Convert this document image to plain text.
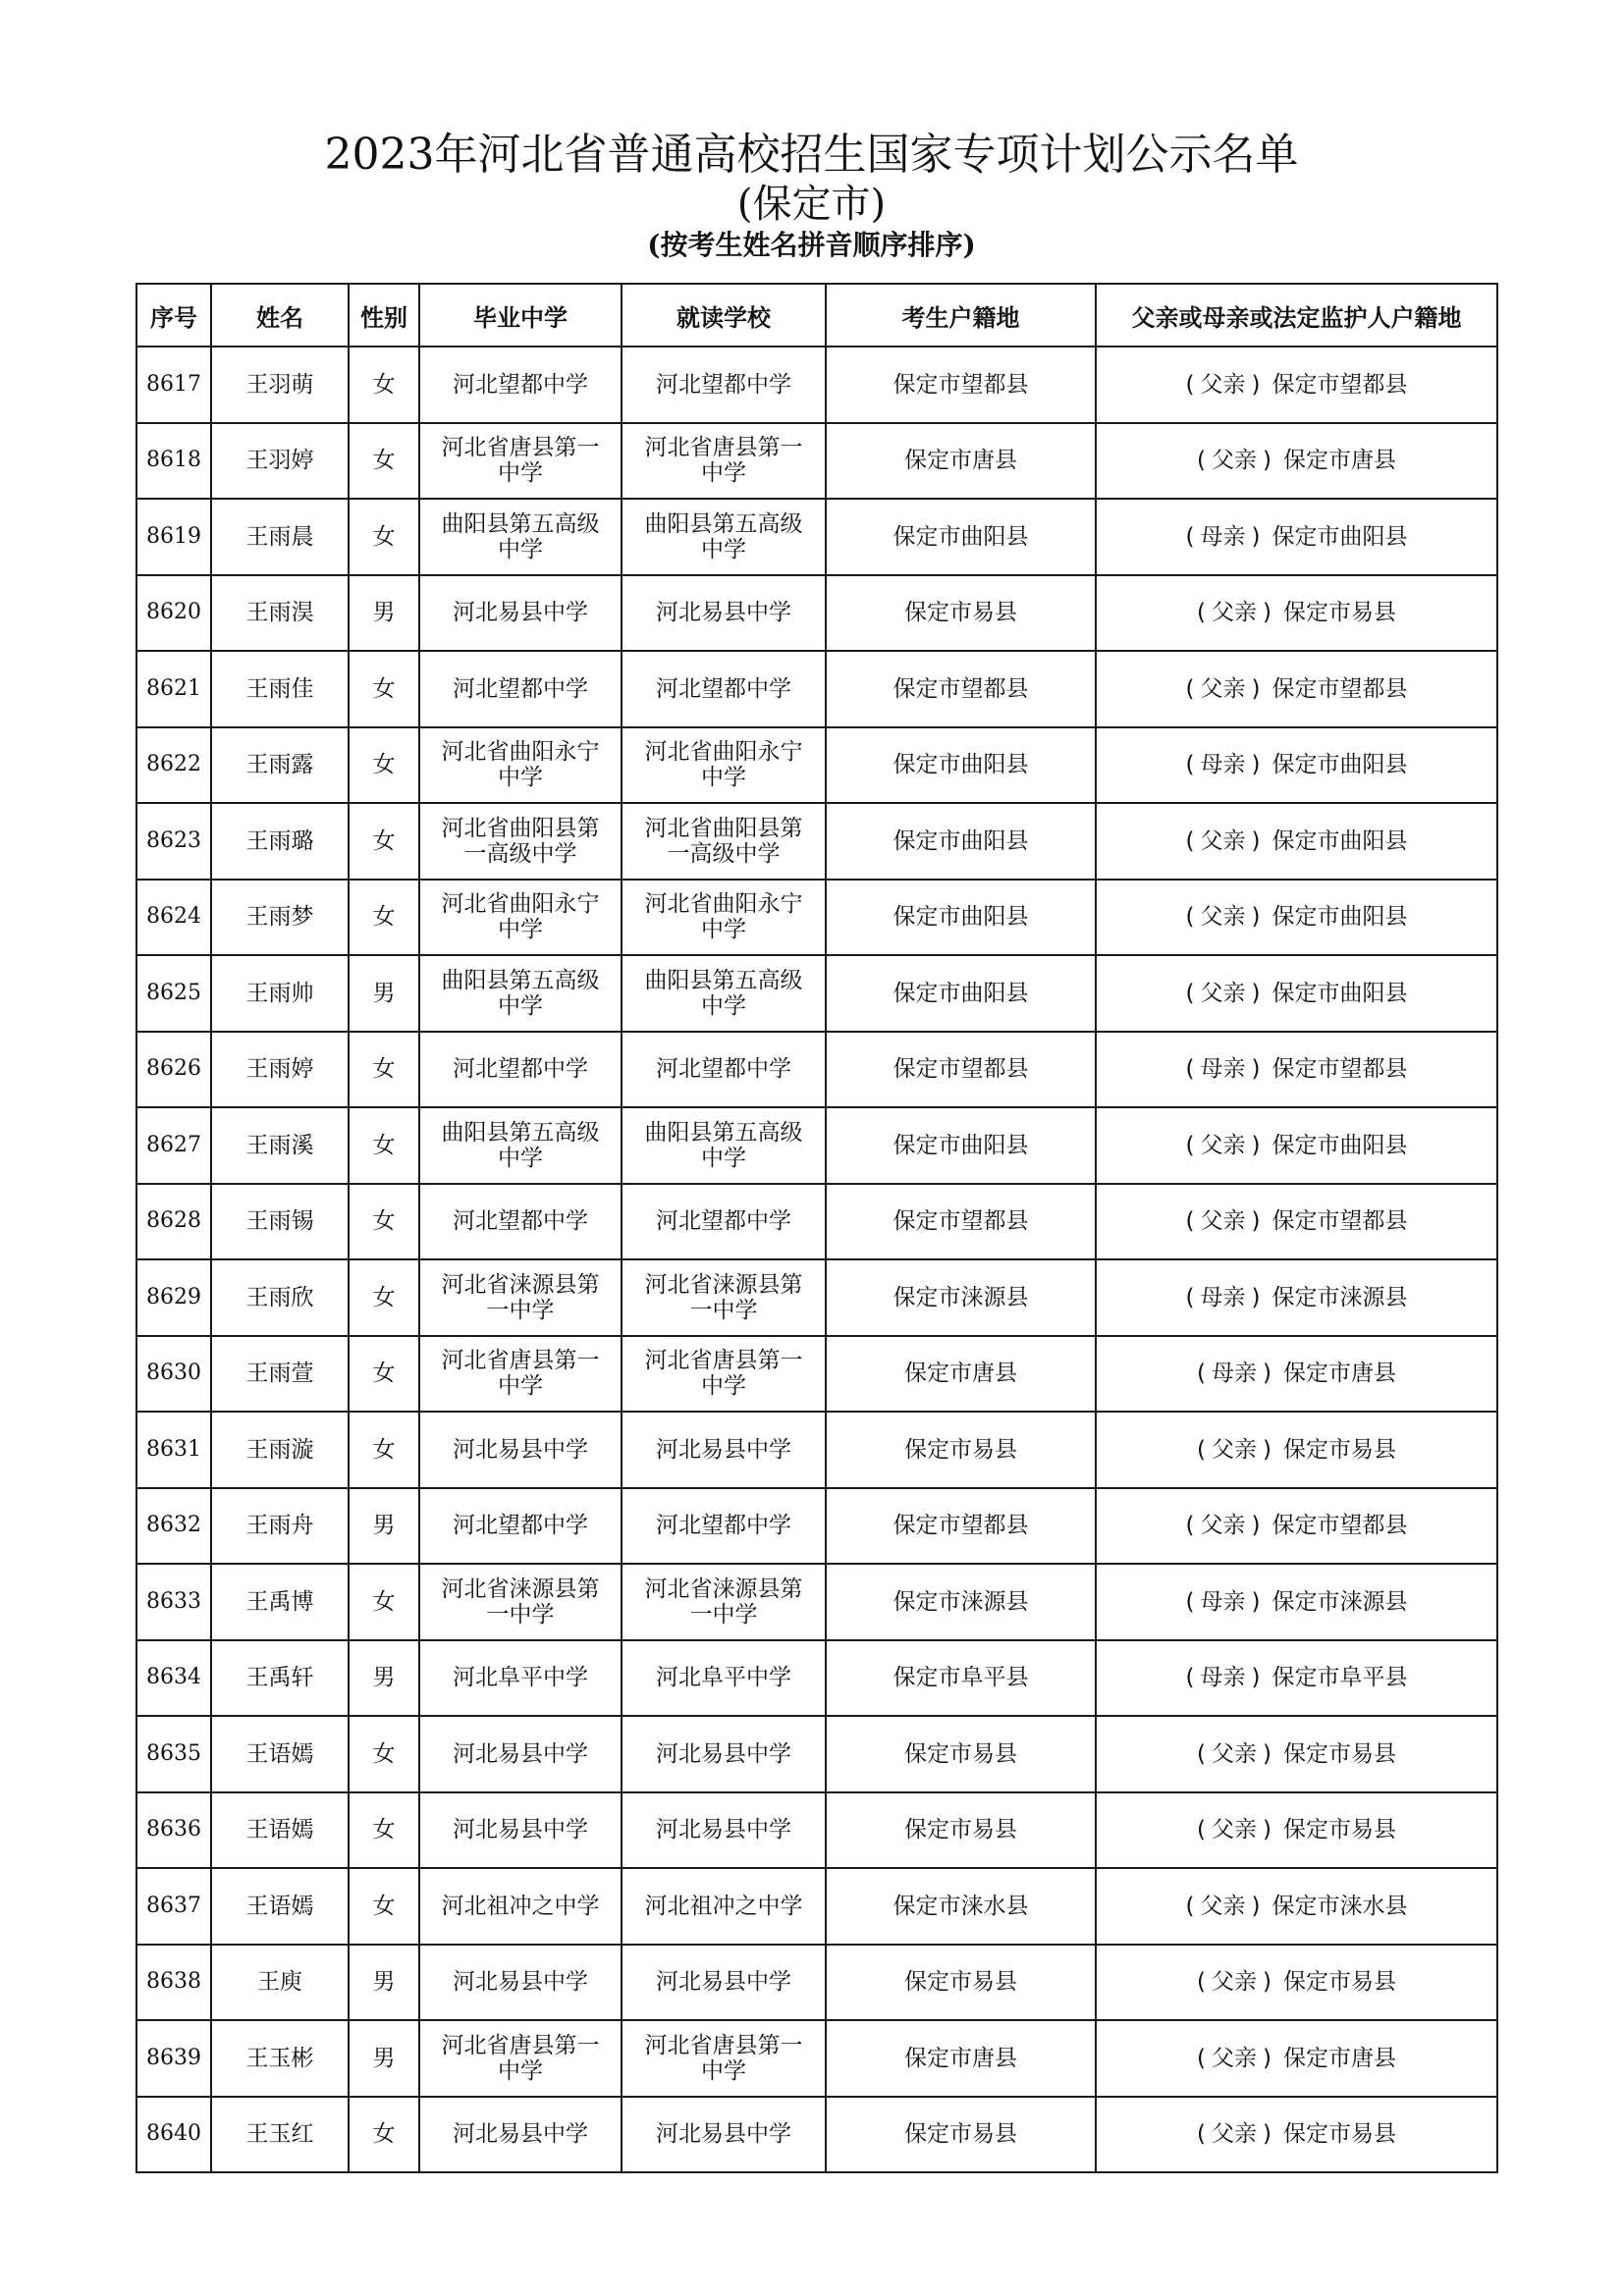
2023年河北省普通高校招生国家专项计划公示名单
(保定市)
(按考生姓名拼音顺序排序)
序号	姓名	性别	毕业中学	就读学校	考生户籍地	父亲或母亲或法定监护人户籍地
8617	王羽萌	女	河北望都中学	河北望都中学	保定市望都县	( 父亲 ) 保定市望都县
8618	王羽婷	女	河北省唐县第一中学	河北省唐县第一中学	保定市唐县	( 父亲 ) 保定市唐县
8619	王雨晨	女	曲阳县第五高级中学	曲阳县第五高级中学	保定市曲阳县	( 母亲 ) 保定市曲阳县
8620	王雨淏	男	河北易县中学	河北易县中学	保定市易县	( 父亲 ) 保定市易县
8621	王雨佳	女	河北望都中学	河北望都中学	保定市望都县	( 父亲 ) 保定市望都县
8622	王雨露	女	河北省曲阳永宁中学	河北省曲阳永宁中学	保定市曲阳县	( 母亲 ) 保定市曲阳县
8623	王雨璐	女	河北省曲阳县第一高级中学	河北省曲阳县第一高级中学	保定市曲阳县	( 父亲 ) 保定市曲阳县
8624	王雨梦	女	河北省曲阳永宁中学	河北省曲阳永宁中学	保定市曲阳县	( 父亲 ) 保定市曲阳县
8625	王雨帅	男	曲阳县第五高级中学	曲阳县第五高级中学	保定市曲阳县	( 父亲 ) 保定市曲阳县
8626	王雨婷	女	河北望都中学	河北望都中学	保定市望都县	( 母亲 ) 保定市望都县
8627	王雨溪	女	曲阳县第五高级中学	曲阳县第五高级中学	保定市曲阳县	( 父亲 ) 保定市曲阳县
8628	王雨锡	女	河北望都中学	河北望都中学	保定市望都县	( 父亲 ) 保定市望都县
8629	王雨欣	女	河北省涞源县第一中学	河北省涞源县第一中学	保定市涞源县	( 母亲 ) 保定市涞源县
8630	王雨萱	女	河北省唐县第一中学	河北省唐县第一中学	保定市唐县	( 母亲 ) 保定市唐县
8631	王雨漩	女	河北易县中学	河北易县中学	保定市易县	( 父亲 ) 保定市易县
8632	王雨舟	男	河北望都中学	河北望都中学	保定市望都县	( 父亲 ) 保定市望都县
8633	王禹博	女	河北省涞源县第一中学	河北省涞源县第一中学	保定市涞源县	( 母亲 ) 保定市涞源县
8634	王禹轩	男	河北阜平中学	河北阜平中学	保定市阜平县	( 母亲 ) 保定市阜平县
8635	王语嫣	女	河北易县中学	河北易县中学	保定市易县	( 父亲 ) 保定市易县
8636	王语嫣	女	河北易县中学	河北易县中学	保定市易县	( 父亲 ) 保定市易县
8637	王语嫣	女	河北祖冲之中学	河北祖冲之中学	保定市涞水县	( 父亲 ) 保定市涞水县
8638	王庾	男	河北易县中学	河北易县中学	保定市易县	( 父亲 ) 保定市易县
8639	王玉彬	男	河北省唐县第一中学	河北省唐县第一中学	保定市唐县	( 父亲 ) 保定市唐县
8640	王玉红	女	河北易县中学	河北易县中学	保定市易县	( 父亲 ) 保定市易县
